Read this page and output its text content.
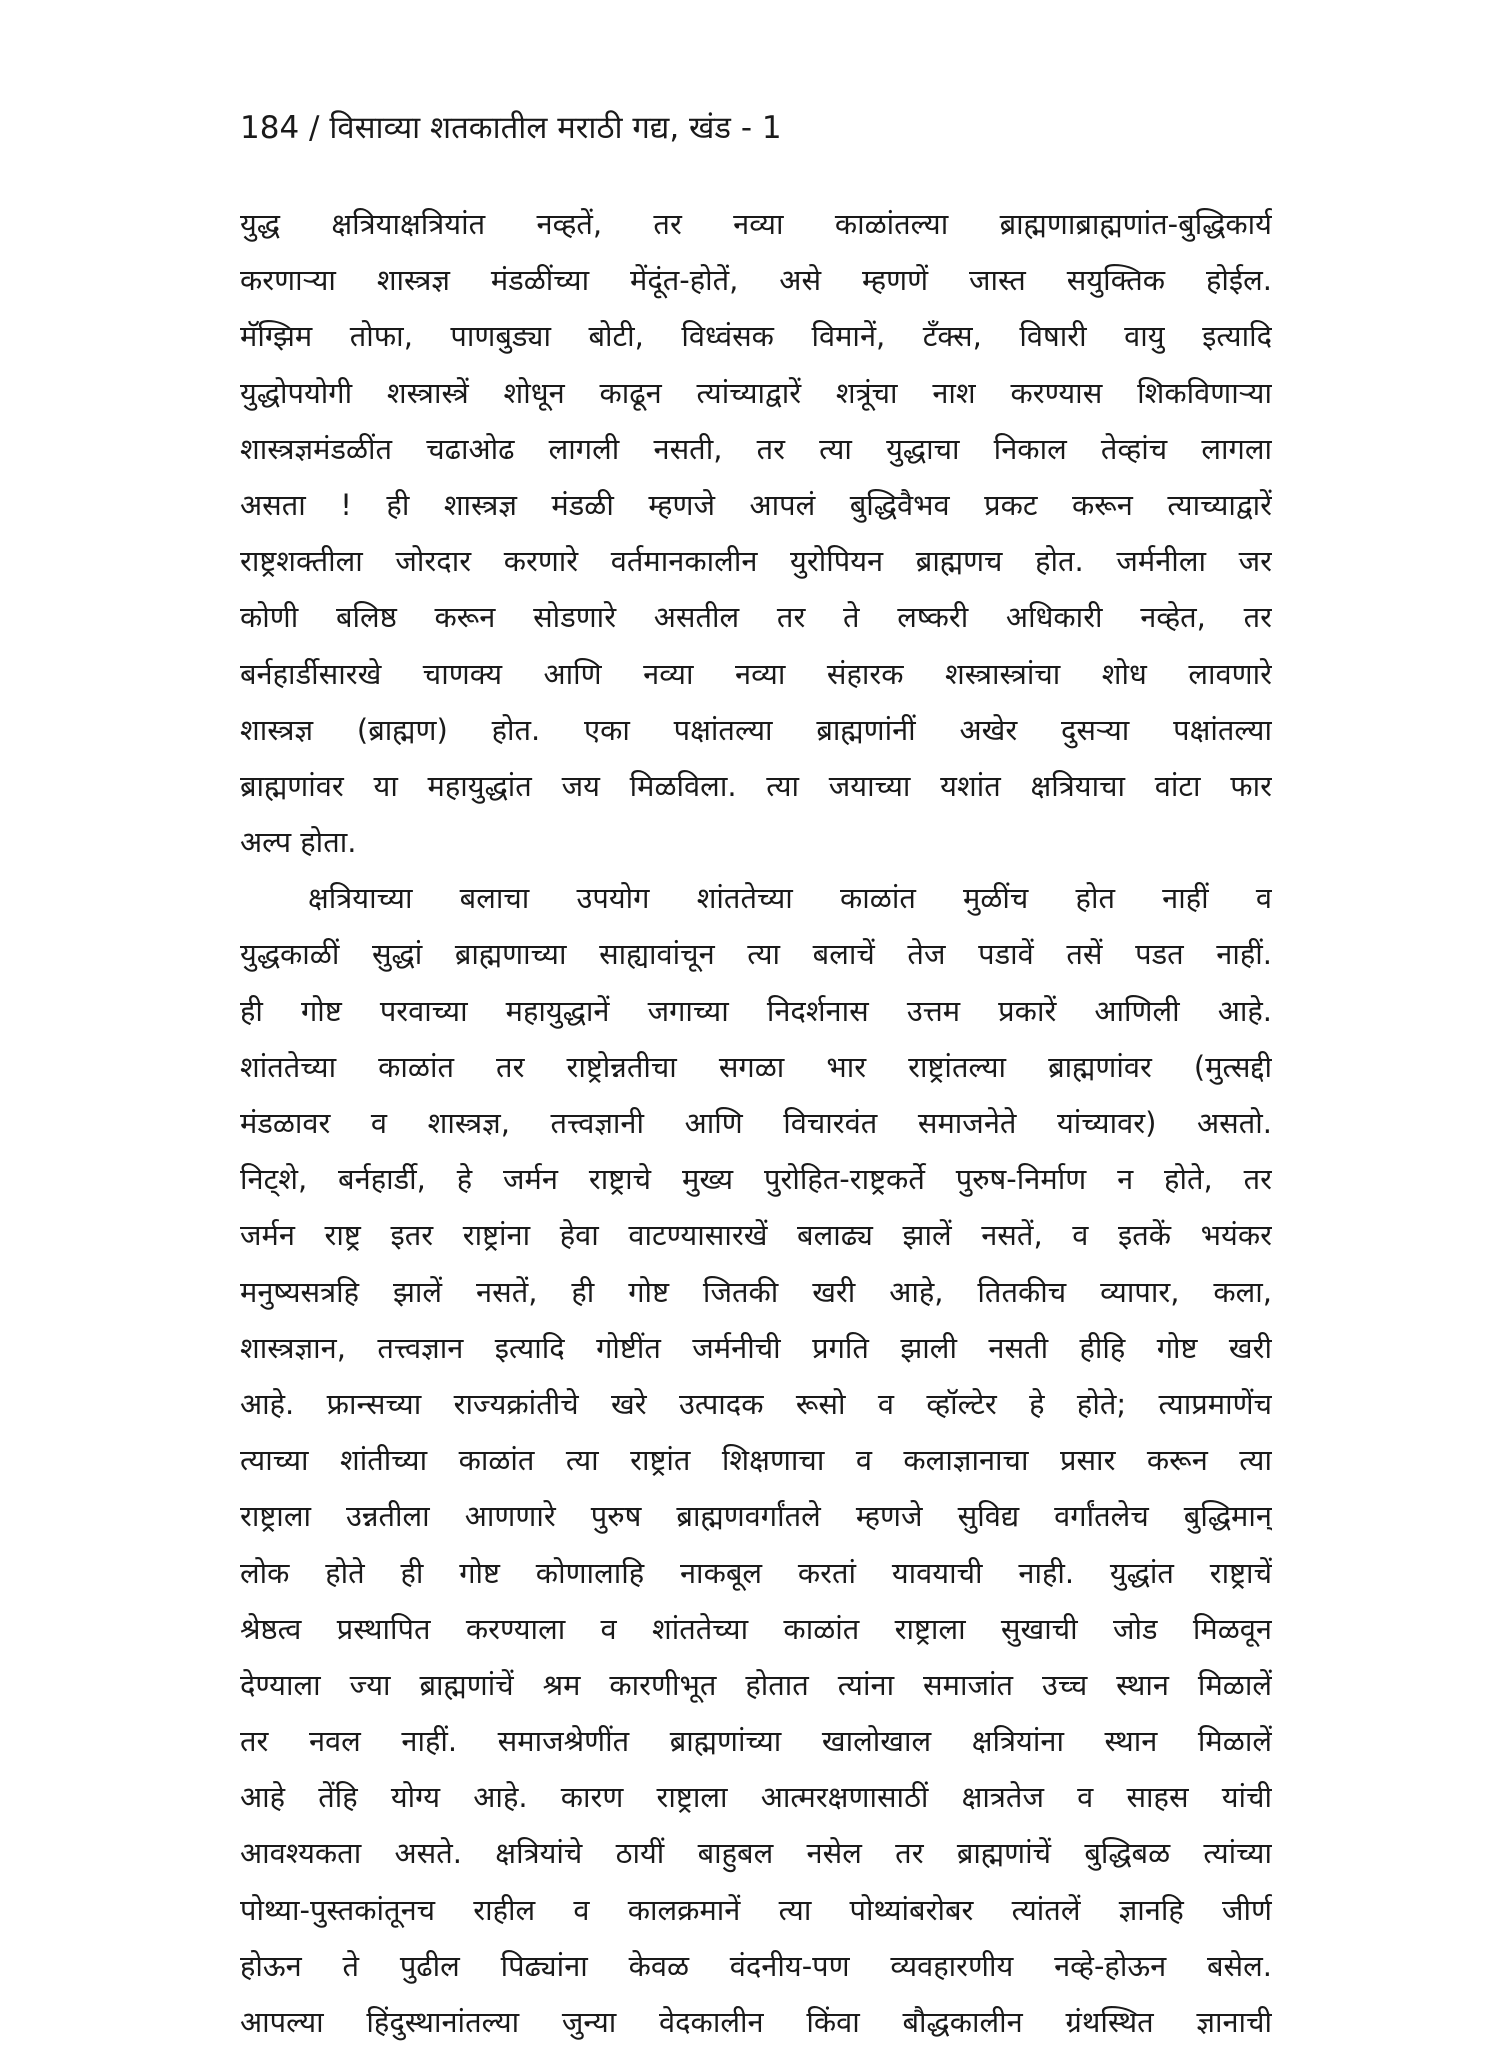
184 / विसाव्या शतकातील मराठी गद्य, खंड - 1
युद्ध क्षत्रियाक्षत्रियांत नव्हतें, तर नव्या काळांतल्या ब्राह्मणाब्राह्मणांत-बुद्धिकार्य
करणाऱ्या शास्त्रज्ञ मंडळींच्या मेंदूंत-होतें, असे म्हणणें जास्त सयुक्तिक होईल.
मॅग्झिम तोफा, पाणबुड्या बोटी, विध्वंसक विमानें, टँक्स, विषारी वायु इत्यादि
युद्धोपयोगी शस्त्रास्त्रें शोधून काढून त्यांच्याद्वारें शत्रूंचा नाश करण्यास शिकविणाऱ्या
शास्त्रज्ञमंडळींत चढाओढ लागली नसती, तर त्या युद्धाचा निकाल तेव्हांच लागला
असता ! ही शास्त्रज्ञ मंडळी म्हणजे आपलं बुद्धिवैभव प्रकट करून त्याच्याद्वारें
राष्ट्रशक्तीला जोरदार करणारे वर्तमानकालीन युरोपियन ब्राह्मणच होत. जर्मनीला जर
कोणी बलिष्ठ करून सोडणारे असतील तर ते लष्करी अधिकारी नव्हेत, तर
बर्नहार्डीसारखे चाणक्य आणि नव्या नव्या संहारक शस्त्रास्त्रांचा शोध लावणारे
शास्त्रज्ञ (ब्राह्मण) होत. एका पक्षांतल्या ब्राह्मणांनीं अखेर दुसऱ्या पक्षांतल्या
ब्राह्मणांवर या महायुद्धांत जय मिळविला. त्या जयाच्या यशांत क्षत्रियाचा वांटा फार
अल्प होता.
क्षत्रियाच्या बलाचा उपयोग शांततेच्या काळांत मुळींच होत नाहीं व
युद्धकाळीं सुद्धां ब्राह्मणाच्या साह्यावांचून त्या बलाचें तेज पडावें तसें पडत नाहीं.
ही गोष्ट परवाच्या महायुद्धानें जगाच्या निदर्शनास उत्तम प्रकारें आणिली आहे.
शांततेच्या काळांत तर राष्ट्रोन्नतीचा सगळा भार राष्ट्रांतल्या ब्राह्मणांवर (मुत्सद्दी
मंडळावर व शास्त्रज्ञ, तत्त्वज्ञानी आणि विचारवंत समाजनेते यांच्यावर) असतो.
निट्शे, बर्नहार्डी, हे जर्मन राष्ट्राचे मुख्य पुरोहित-राष्ट्रकर्ते पुरुष-निर्माण न होते, तर
जर्मन राष्ट्र इतर राष्ट्रांना हेवा वाटण्यासारखें बलाढ्य झालें नसतें, व इतकें भयंकर
मनुष्यसत्रहि झालें नसतें, ही गोष्ट जितकी खरी आहे, तितकीच व्यापार, कला,
शास्त्रज्ञान, तत्त्वज्ञान इत्यादि गोष्टींत जर्मनीची प्रगति झाली नसती हीहि गोष्ट खरी
आहे. फ्रान्सच्या राज्यक्रांतीचे खरे उत्पादक रूसो व व्हॉल्टेर हे होते; त्याप्रमाणेंच
त्याच्या शांतीच्या काळांत त्या राष्ट्रांत शिक्षणाचा व कलाज्ञानाचा प्रसार करून त्या
राष्ट्राला उन्नतीला आणणारे पुरुष ब्राह्मणवर्गांतले म्हणजे सुविद्य वर्गांतलेच बुद्धिमान्
लोक होते ही गोष्ट कोणालाहि नाकबूल करतां यावयाची नाही. युद्धांत राष्ट्राचें
श्रेष्ठत्व प्रस्थापित करण्याला व शांततेच्या काळांत राष्ट्राला सुखाची जोड मिळवून
देण्याला ज्या ब्राह्मणांचें श्रम कारणीभूत होतात त्यांना समाजांत उच्च स्थान मिळालें
तर नवल नाहीं. समाजश्रेणींत ब्राह्मणांच्या खालोखाल क्षत्रियांना स्थान मिळालें
आहे तेंहि योग्य आहे. कारण राष्ट्राला आत्मरक्षणासाठीं क्षात्रतेज व साहस यांची
आवश्यकता असते. क्षत्रियांचे ठायीं बाहुबल नसेल तर ब्राह्मणांचें बुद्धिबळ त्यांच्या
पोथ्या-पुस्तकांतूनच राहील व कालक्रमानें त्या पोथ्यांबरोबर त्यांतलें ज्ञानहि जीर्ण
होऊन ते पुढील पिढ्यांना केवळ वंदनीय-पण व्यवहारणीय नव्हे-होऊन बसेल.
आपल्या हिंदुस्थानांतल्या जुन्या वेदकालीन किंवा बौद्धकालीन ग्रंथस्थित ज्ञानाची
